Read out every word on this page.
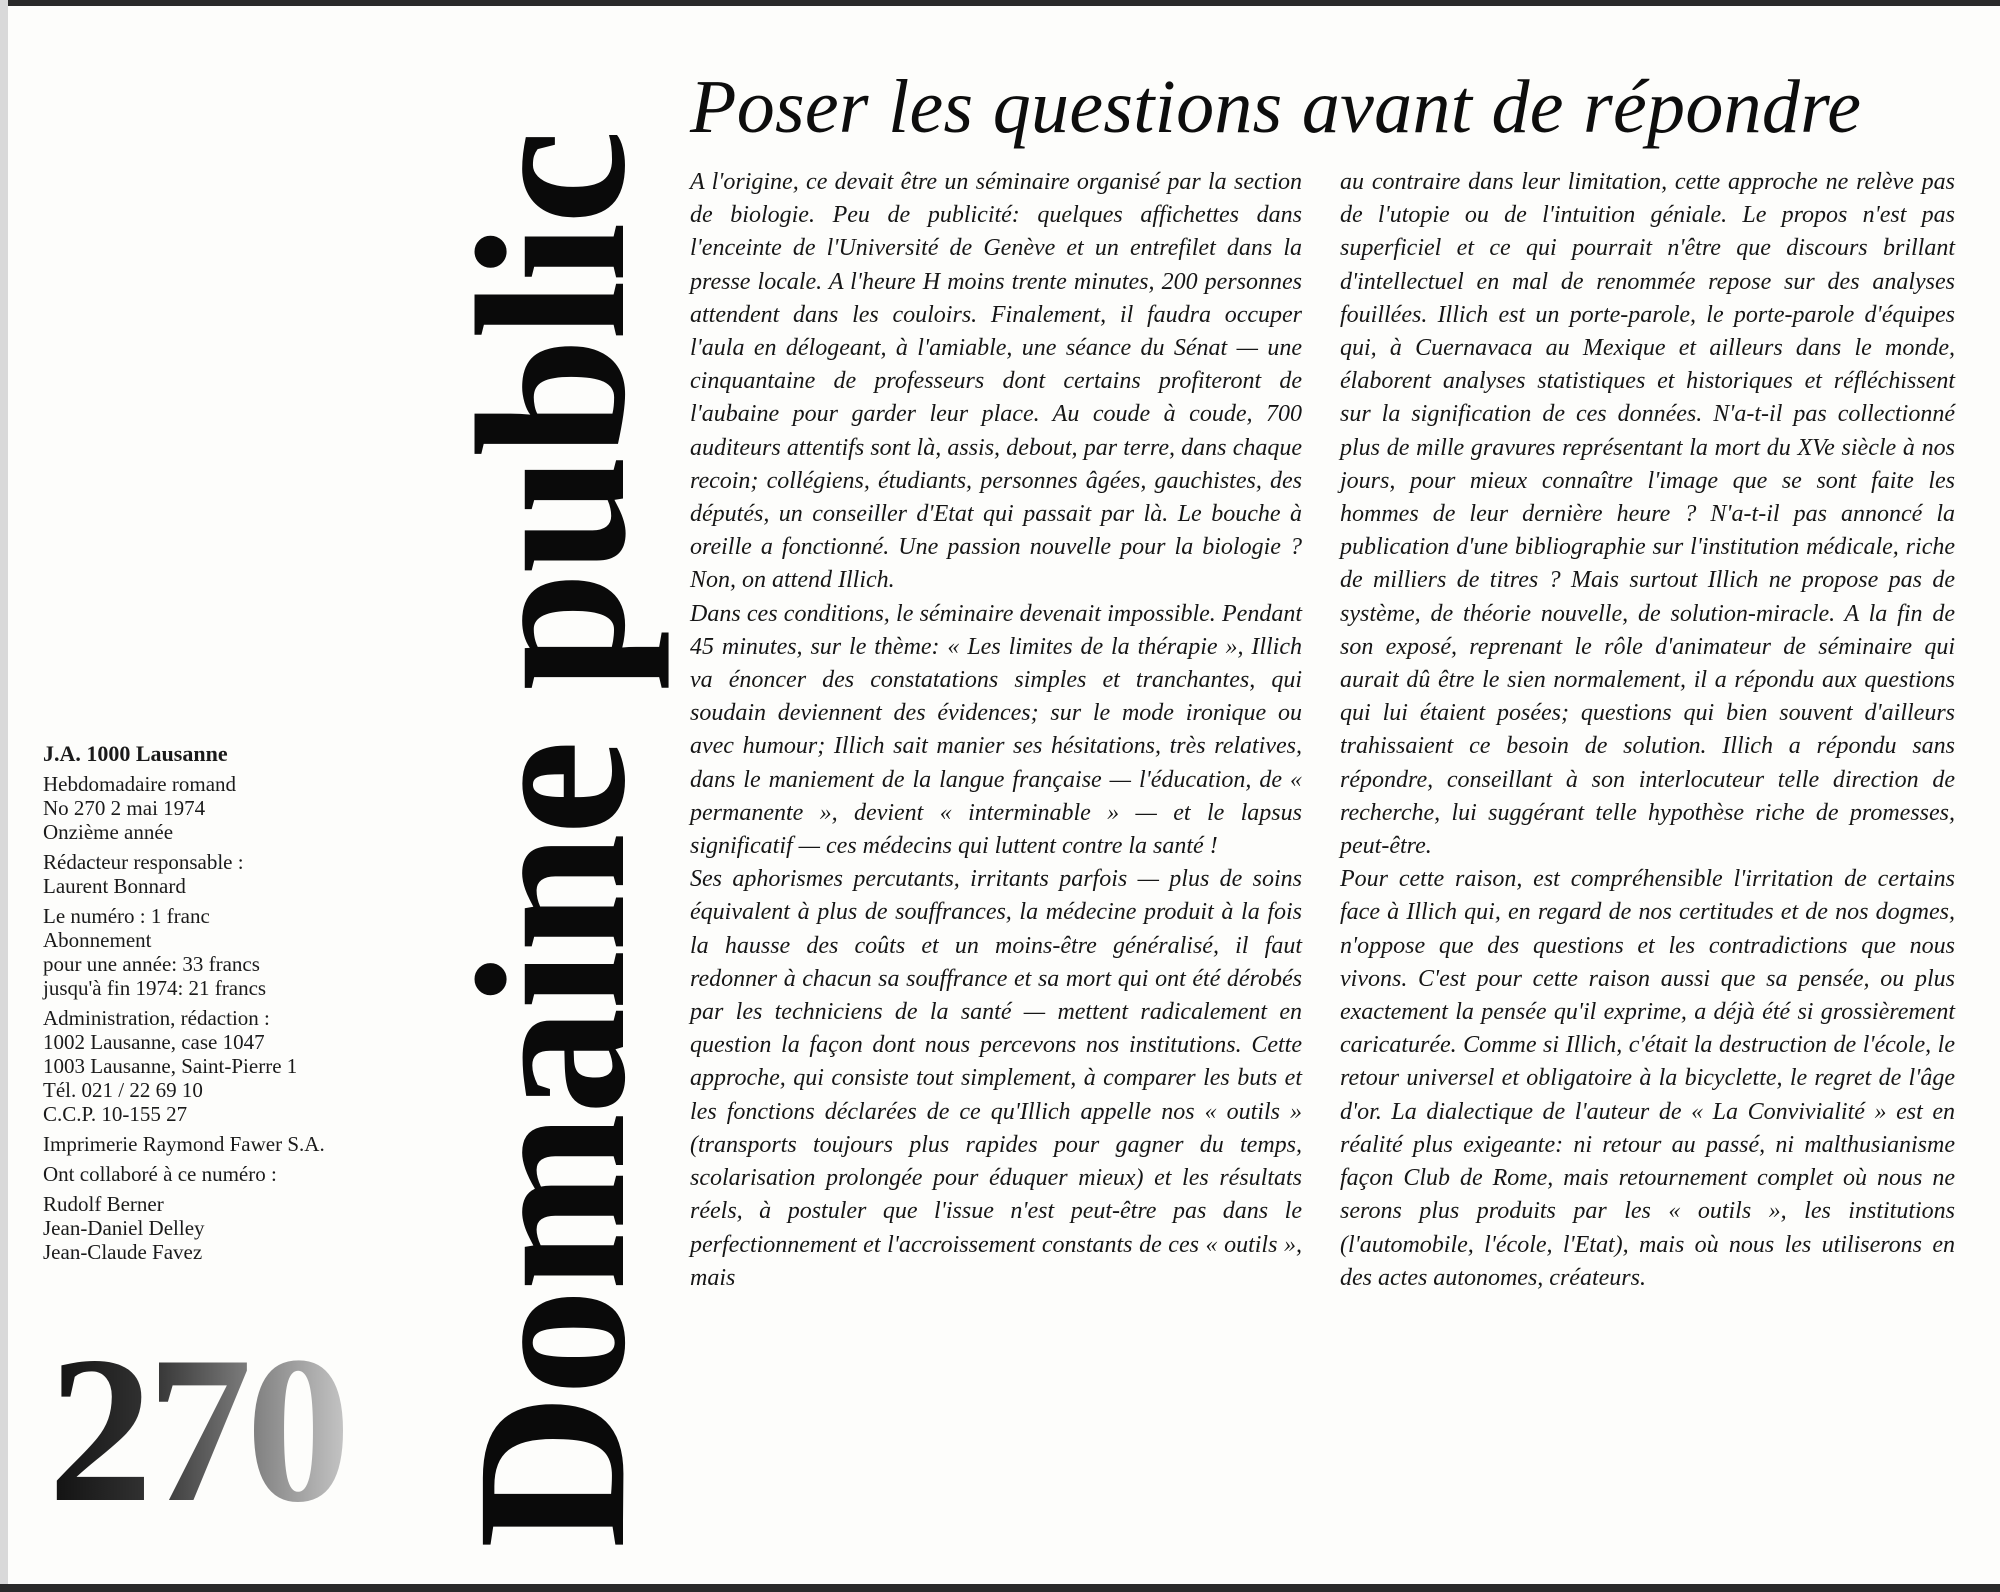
Poser les questions avant de répondre
Domaine public
J.A. 1000 Lausanne
Hebdomadaire romand
No 270 2 mai 1974
Onzième année
Rédacteur responsable :
Laurent Bonnard
Le numéro : 1 franc
Abonnement
pour une année: 33 francs
jusqu'à fin 1974: 21 francs
Administration, rédaction :
1002 Lausanne, case 1047
1003 Lausanne, Saint-Pierre 1
Tél. 021 / 22 69 10
C.C.P. 10-155 27
Imprimerie Raymond Fawer S.A.
Ont collaboré à ce numéro :
Rudolf Berner
Jean-Daniel Delley
Jean-Claude Favez
270

A l'origine, ce devait être un séminaire organisé par la section de biologie. Peu de publicité: quelques affichettes dans l'enceinte de l'Université de Genève et un entrefilet dans la presse locale. A l'heure H moins trente minutes, 200 personnes attendent dans les couloirs. Finalement, il faudra occuper l'aula en délogeant, à l'amiable, une séance du Sénat — une cinquantaine de professeurs dont certains profiteront de l'aubaine pour garder leur place. Au coude à coude, 700 auditeurs attentifs sont là, assis, debout, par terre, dans chaque recoin; collégiens, étudiants, personnes âgées, gauchistes, des députés, un conseiller d'Etat qui passait par là. Le bouche à oreille a fonctionné. Une passion nouvelle pour la biologie ? Non, on attend Illich.

Dans ces conditions, le séminaire devenait impossible. Pendant 45 minutes, sur le thème: « Les limites de la thérapie », Illich va énoncer des constatations simples et tranchantes, qui soudain deviennent des évidences; sur le mode ironique ou avec humour; Illich sait manier ses hésitations, très relatives, dans le maniement de la langue française — l'éducation, de « permanente », devient « interminable » — et le lapsus significatif — ces médecins qui luttent contre la santé !

Ses aphorismes percutants, irritants parfois — plus de soins équivalent à plus de souffrances, la médecine produit à la fois la hausse des coûts et un moins-être généralisé, il faut redonner à chacun sa souffrance et sa mort qui ont été dérobés par les techniciens de la santé — mettent radicalement en question la façon dont nous percevons nos institutions. Cette approche, qui consiste tout simplement, à comparer les buts et les fonctions déclarées de ce qu'Illich appelle nos « outils » (transports toujours plus rapides pour gagner du temps, scolarisation prolongée pour éduquer mieux) et les résultats réels, à postuler que l'issue n'est peut-être pas dans le perfectionnement et l'accroissement constants de ces « outils », mais

au contraire dans leur limitation, cette approche ne relève pas de l'utopie ou de l'intuition géniale. Le propos n'est pas superficiel et ce qui pourrait n'être que discours brillant d'intellectuel en mal de renommée repose sur des analyses fouillées. Illich est un porte-parole, le porte-parole d'équipes qui, à Cuernavaca au Mexique et ailleurs dans le monde, élaborent analyses statistiques et historiques et réfléchissent sur la signification de ces données. N'a-t-il pas collectionné plus de mille gravures représentant la mort du XVe siècle à nos jours, pour mieux connaître l'image que se sont faite les hommes de leur dernière heure ? N'a-t-il pas annoncé la publication d'une bibliographie sur l'institution médicale, riche de milliers de titres ? Mais surtout Illich ne propose pas de système, de théorie nouvelle, de solution-miracle. A la fin de son exposé, reprenant le rôle d'animateur de séminaire qui aurait dû être le sien normalement, il a répondu aux questions qui lui étaient posées; questions qui bien souvent d'ailleurs trahissaient ce besoin de solution. Illich a répondu sans répondre, conseillant à son interlocuteur telle direction de recherche, lui suggérant telle hypothèse riche de promesses, peut-être.

Pour cette raison, est compréhensible l'irritation de certains face à Illich qui, en regard de nos certitudes et de nos dogmes, n'oppose que des questions et les contradictions que nous vivons. C'est pour cette raison aussi que sa pensée, ou plus exactement la pensée qu'il exprime, a déjà été si grossièrement caricaturée. Comme si Illich, c'était la destruction de l'école, le retour universel et obligatoire à la bicyclette, le regret de l'âge d'or. La dialectique de l'auteur de « La Convivialité » est en réalité plus exigeante: ni retour au passé, ni malthusianisme façon Club de Rome, mais retournement complet où nous ne serons plus produits par les « outils », les institutions (l'automobile, l'école, l'Etat), mais où nous les utiliserons en des actes autonomes, créateurs.
